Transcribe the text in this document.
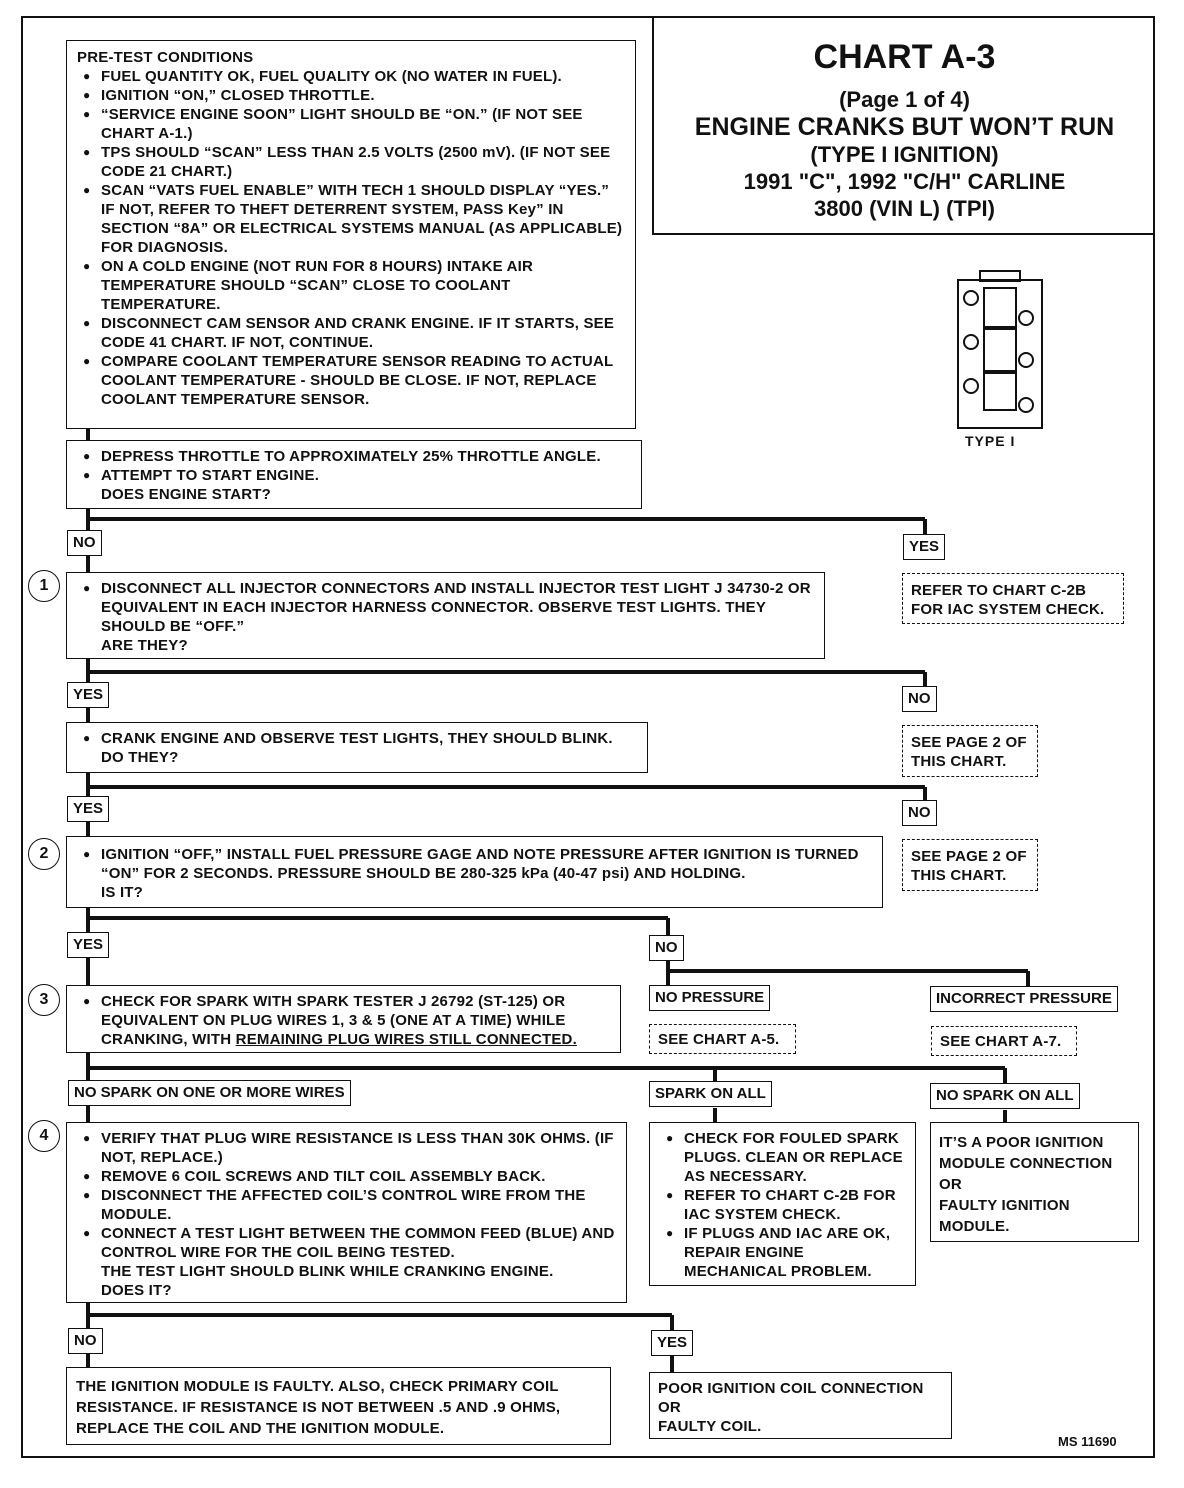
CHART A-3
(Page 1 of 4)
ENGINE CRANKS BUT WON’T RUN
(TYPE I IGNITION)
1991 "C", 1992 "C/H" CARLINE
3800 (VIN L) (TPI)
TYPE I
PRE-TEST CONDITIONS
● FUEL QUANTITY OK, FUEL QUALITY OK (NO WATER IN FUEL).
● IGNITION “ON,” CLOSED THROTTLE.
● “SERVICE ENGINE SOON” LIGHT SHOULD BE “ON.” (IF NOT SEE CHART A-1.)
● TPS SHOULD “SCAN” LESS THAN 2.5 VOLTS (2500 mV). (IF NOT SEE CODE 21 CHART.)
● SCAN “VATS FUEL ENABLE” WITH TECH 1 SHOULD DISPLAY “YES.” IF NOT, REFER TO THEFT DETERRENT SYSTEM, PASS Key” IN SECTION “8A” OR ELECTRICAL SYSTEMS MANUAL (AS APPLICABLE) FOR DIAGNOSIS.
● ON A COLD ENGINE (NOT RUN FOR 8 HOURS) INTAKE AIR TEMPERATURE SHOULD “SCAN” CLOSE TO COOLANT TEMPERATURE.
● DISCONNECT CAM SENSOR AND CRANK ENGINE. IF IT STARTS, SEE CODE 41 CHART. IF NOT, CONTINUE.
● COMPARE COOLANT TEMPERATURE SENSOR READING TO ACTUAL COOLANT TEMPERATURE - SHOULD BE CLOSE. IF NOT, REPLACE COOLANT TEMPERATURE SENSOR.
● DEPRESS THROTTLE TO APPROXIMATELY 25% THROTTLE ANGLE.
● ATTEMPT TO START ENGINE.
DOES ENGINE START?
NO	YES
REFER TO CHART C-2B FOR IAC SYSTEM CHECK.
1	● DISCONNECT ALL INJECTOR CONNECTORS AND INSTALL INJECTOR TEST LIGHT J 34730-2 OR EQUIVALENT IN EACH INJECTOR HARNESS CONNECTOR. OBSERVE TEST LIGHTS. THEY SHOULD BE “OFF.”
ARE THEY?
YES	NO
SEE PAGE 2 OF THIS CHART.
● CRANK ENGINE AND OBSERVE TEST LIGHTS, THEY SHOULD BLINK.
DO THEY?
YES	NO
SEE PAGE 2 OF THIS CHART.
2	● IGNITION “OFF,” INSTALL FUEL PRESSURE GAGE AND NOTE PRESSURE AFTER IGNITION IS TURNED “ON” FOR 2 SECONDS. PRESSURE SHOULD BE 280-325 kPa (40-47 psi) AND HOLDING.
IS IT?
YES	NO
NO PRESSURE	INCORRECT PRESSURE
SEE CHART A-5.	SEE CHART A-7.
3	● CHECK FOR SPARK WITH SPARK TESTER J 26792 (ST-125) OR EQUIVALENT ON PLUG WIRES 1, 3 & 5 (ONE AT A TIME) WHILE CRANKING, WITH REMAINING PLUG WIRES STILL CONNECTED.
NO SPARK ON ONE OR MORE WIRES	SPARK ON ALL	NO SPARK ON ALL
4	● VERIFY THAT PLUG WIRE RESISTANCE IS LESS THAN 30K OHMS. (IF NOT, REPLACE.)
● REMOVE 6 COIL SCREWS AND TILT COIL ASSEMBLY BACK.
● DISCONNECT THE AFFECTED COIL’S CONTROL WIRE FROM THE MODULE.
● CONNECT A TEST LIGHT BETWEEN THE COMMON FEED (BLUE) AND CONTROL WIRE FOR THE COIL BEING TESTED.
THE TEST LIGHT SHOULD BLINK WHILE CRANKING ENGINE.
DOES IT?
● CHECK FOR FOULED SPARK PLUGS. CLEAN OR REPLACE AS NECESSARY.
● REFER TO CHART C-2B FOR IAC SYSTEM CHECK.
● IF PLUGS AND IAC ARE OK, REPAIR ENGINE MECHANICAL PROBLEM.
IT’S A POOR IGNITION MODULE CONNECTION
OR
FAULTY IGNITION MODULE.
NO	YES
THE IGNITION MODULE IS FAULTY. ALSO, CHECK PRIMARY COIL RESISTANCE. IF RESISTANCE IS NOT BETWEEN .5 AND .9 OHMS, REPLACE THE COIL AND THE IGNITION MODULE.
POOR IGNITION COIL CONNECTION
OR
FAULTY COIL.
MS 11690
